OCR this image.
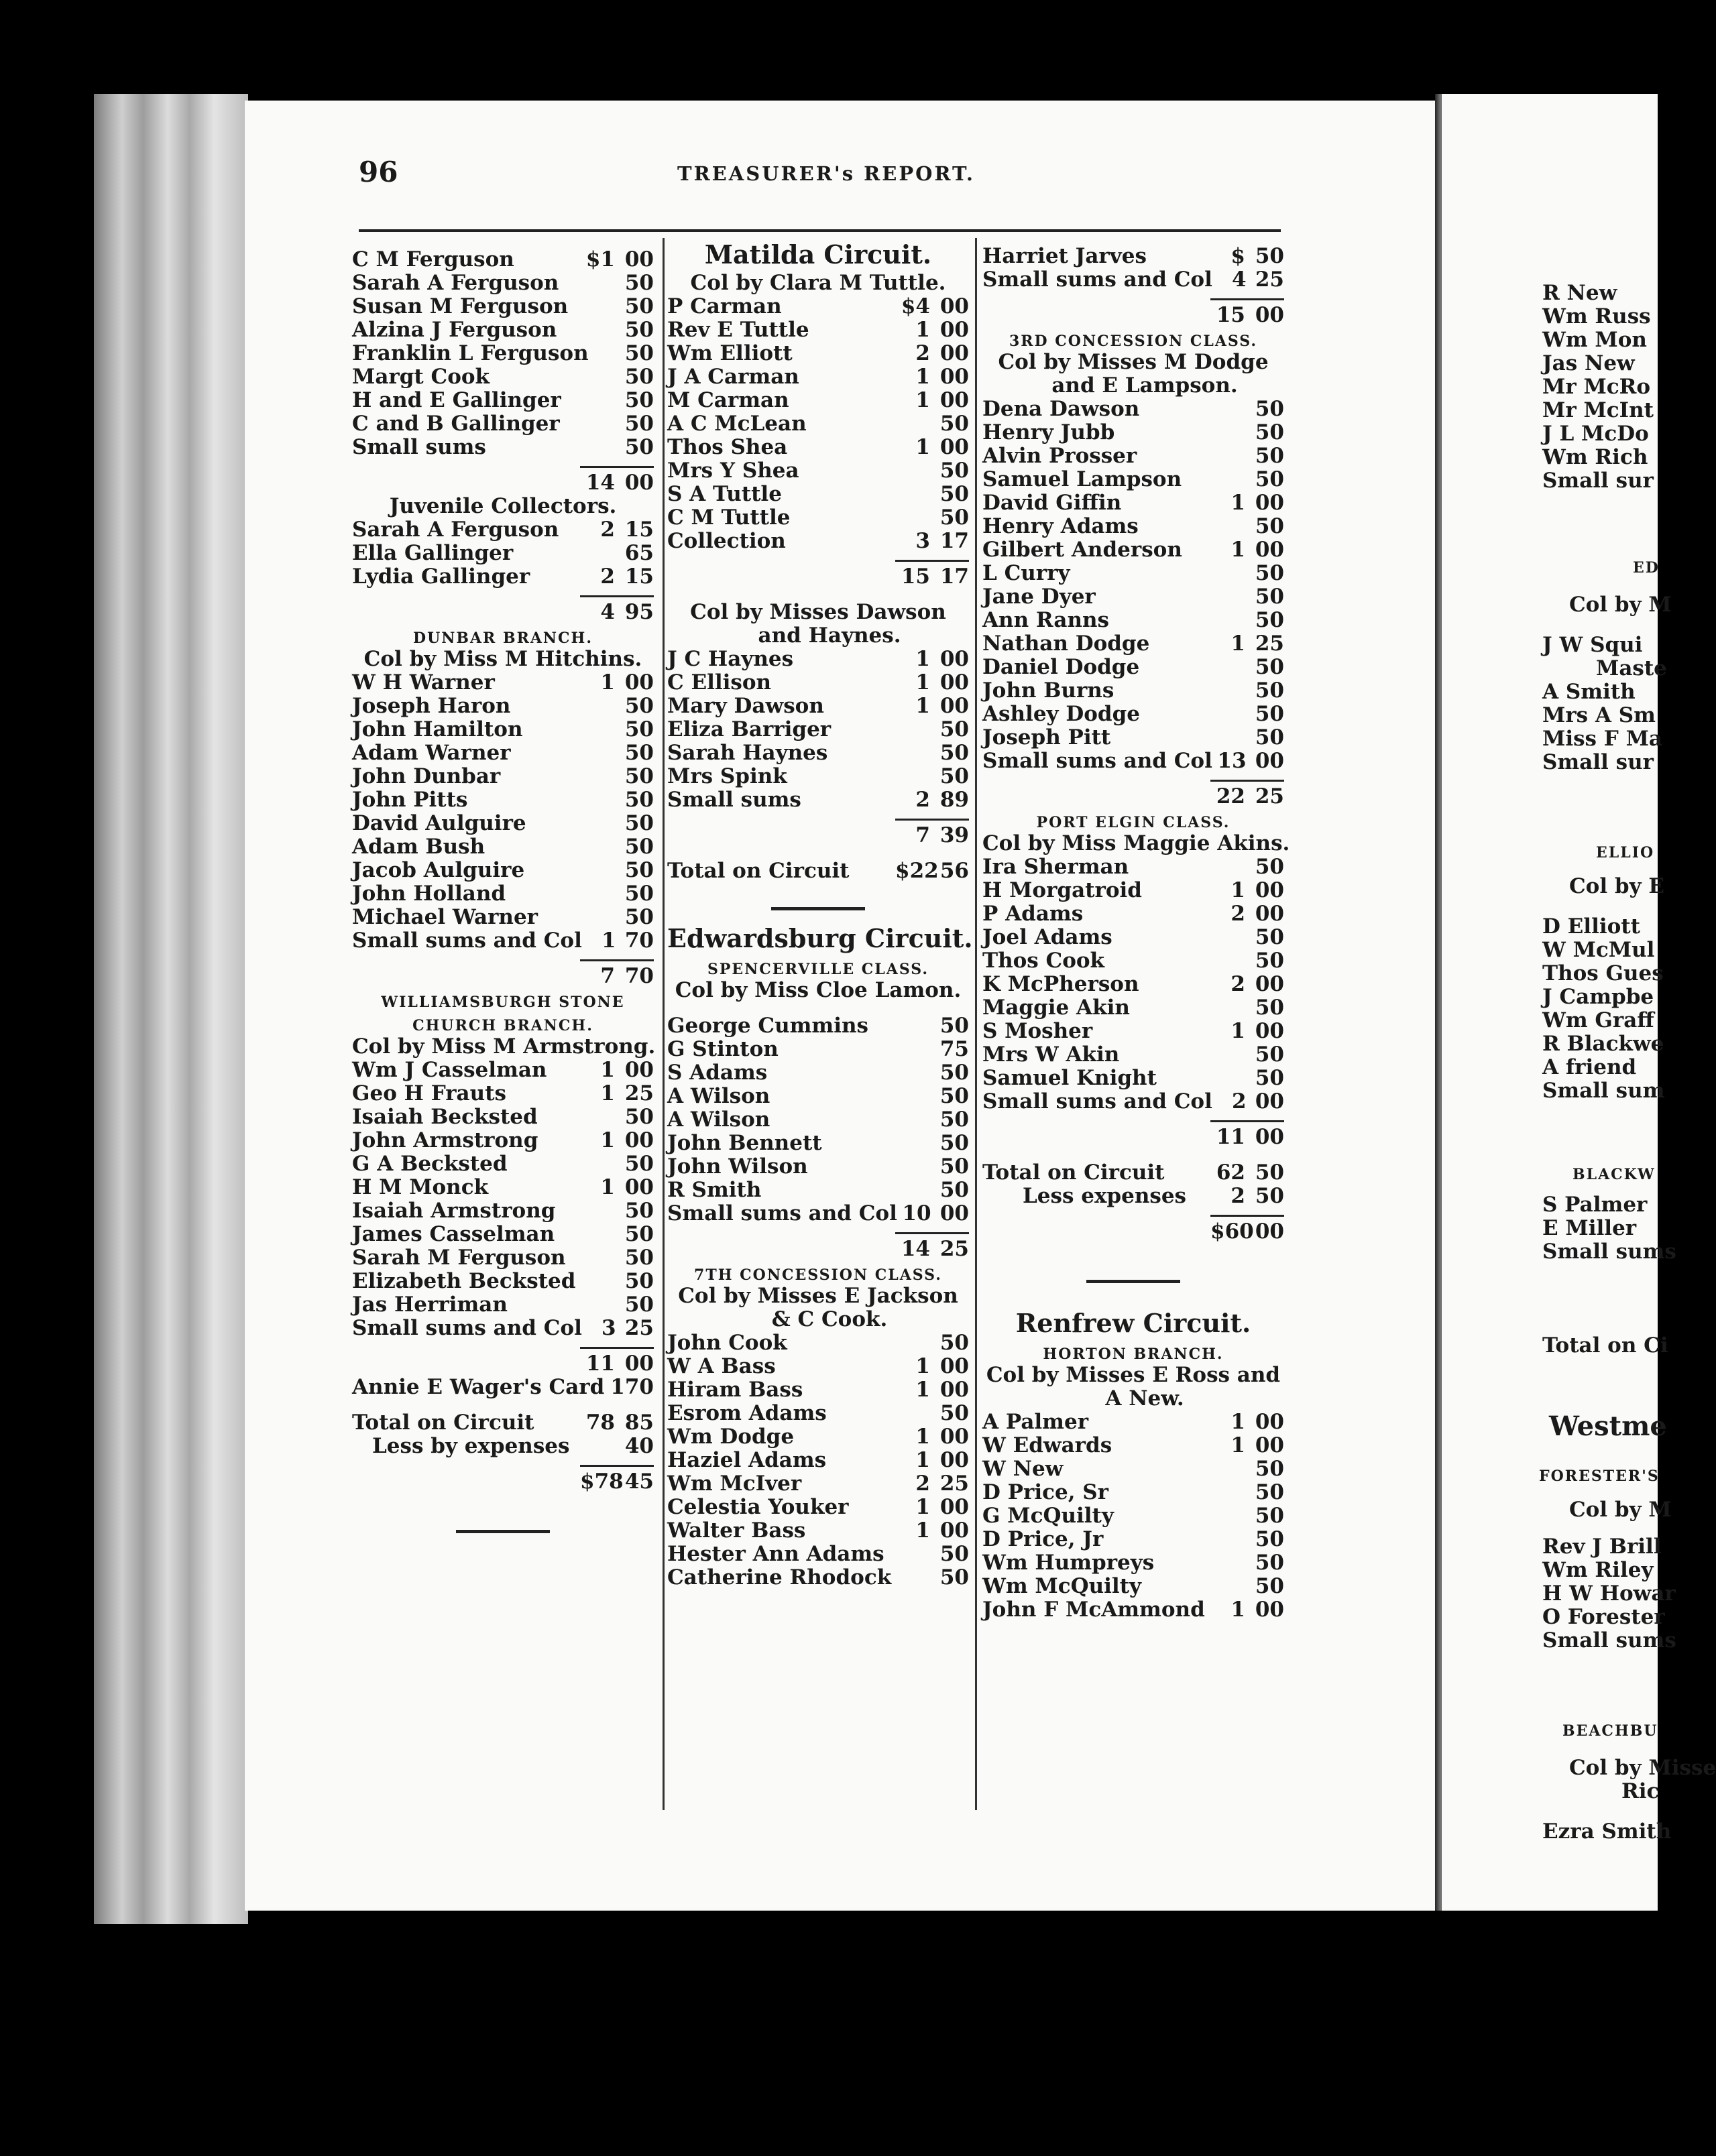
96	TREASURER's REPORT.
C M Ferguson	$1 00
Sarah A Ferguson	50
Susan M Ferguson	50
Alzina J Ferguson	50
Franklin L Ferguson 50
Margt Cook	50
H and E Gallinger	50
C and B Gallinger	50
Small sums	50
14 00
Juvenile Collectors.
Sarah A Ferguson	2 15
Ella Gallinger	65
Lydia Gallinger	2 15
4 95
DUNBAR BRANCH.
Col by Miss M Hitchins.
W H Warner	1 00
Joseph Haron	50
John Hamilton	50
Adam Warner	50
John Dunbar	50
John Pitts	50
David Aulguire	50
Adam Bush	50
Jacob Aulguire	50
John Holland	50
Michael Warner	50
Small sums and Col 1 70
7 70
WILLIAMSBURGH STONE
CHURCH BRANCH.
Col by Miss M Armstrong.
Wm J Casselman	1 00
Geo H Frauts	1 25
Isaiah Becksted	50
John Armstrong	1 00
G A Becksted	50
H M Monck	1 00
Isaiah Armstrong	50
James Casselman	50
Sarah M Ferguson	50
Elizabeth Becksted	50
Jas Herriman	50
Small sums and Col 3 25
11 00
Annie E Wager's Card 1 70
Total on Circuit	78 85
Less by expenses	40
$78 45
Matilda Circuit.
Col by Clara M Tuttle.
P Carman	$4 00
Rev E Tuttle	1 00
Wm Elliott	2 00
J A Carman	1 00
M Carman	1 00
A C McLean	50
Thos Shea	1 00
Mrs Y Shea	50
S A Tuttle	50
C M Tuttle	50
Collection	3 17
15 17
Col by Misses Dawson and Haynes.
J C Haynes	1 00
C Ellison	1 00
Mary Dawson	1 00
Eliza Barriger	50
Sarah Haynes	50
Mrs Spink	50
Small sums	2 89
7 39
Total on Circuit	$22 56
Edwardsburg Circuit.
SPENCERVILLE CLASS.
Col by Miss Cloe Lamon.
George Cummins	50
G Stinton	75
S Adams	50
A Wilson	50
A Wilson	50
John Bennett	50
John Wilson	50
R Smith	50
Small sums and Col 10 00
14 25
7TH CONCESSION CLASS.
Col by Misses E Jackson & C Cook.
John Cook	50
W A Bass	1 00
Hiram Bass	1 00
Esrom Adams	50
Wm Dodge	1 00
Haziel Adams	1 00
Wm McIver	2 25
Celestia Youker	1 00
Walter Bass	1 00
Hester Ann Adams	50
Catherine Rhodock	50
Harriet Jarves	$ 50
Small sums and Col 4 25
15 00
3RD CONCESSION CLASS.
Col by Misses M Dodge and E Lampson.
Dena Dawson	50
Henry Jubb	50
Alvin Prosser	50
Samuel Lampson	50
David Giffin	1 00
Henry Adams	50
Gilbert Anderson	1 00
L Curry	50
Jane Dyer	50
Ann Ranns	50
Nathan Dodge	1 25
Daniel Dodge	50
John Burns	50
Ashley Dodge	50
Joseph Pitt	50
Small sums and Col 13 00
22 25
PORT ELGIN CLASS.
Col by Miss Maggie Akins.
Ira Sherman	50
H Morgatroid	1 00
P Adams	2 00
Joel Adams	50
Thos Cook	50
K McPherson	2 00
Maggie Akin	50
S Mosher	1 00
Mrs W Akin	50
Samuel Knight	50
Small sums and Col 2 00
11 00
Total on Circuit	62 50
Less expenses	2 50
$60 00
Renfrew Circuit.
HORTON BRANCH.
Col by Misses E Ross and A New.
A Palmer	1 00
W Edwards	1 00
W New	50
D Price, Sr	50
G McQuilty	50
D Price, Jr	50
Wm Humpreys	50
Wm McQuilty	50
John F McAmmond	1 00
R New
Wm Russ
Wm Mon
Jas New
Mr McRo
Mr McInt
J L McDo
Wm Rich
Small sur
ED
Col by M
J W Squi
Maste
A Smith
Mrs A Sm
Miss F Ma
Small sur
ELLIO
Col by E
D Elliott
W McMul
Thos Gues
J Campbe
Wm Graff
R Blackwe
A friend
Small sum
BLACKW
S Palmer
E Miller
Small sums
Total on Ci
Westme
FORESTER'S
Col by M
Rev J Brill
Wm Riley
H W Howar
O Forester
Small sums
BEACHBU
Col by Misse
Ric
Ezra Smith
